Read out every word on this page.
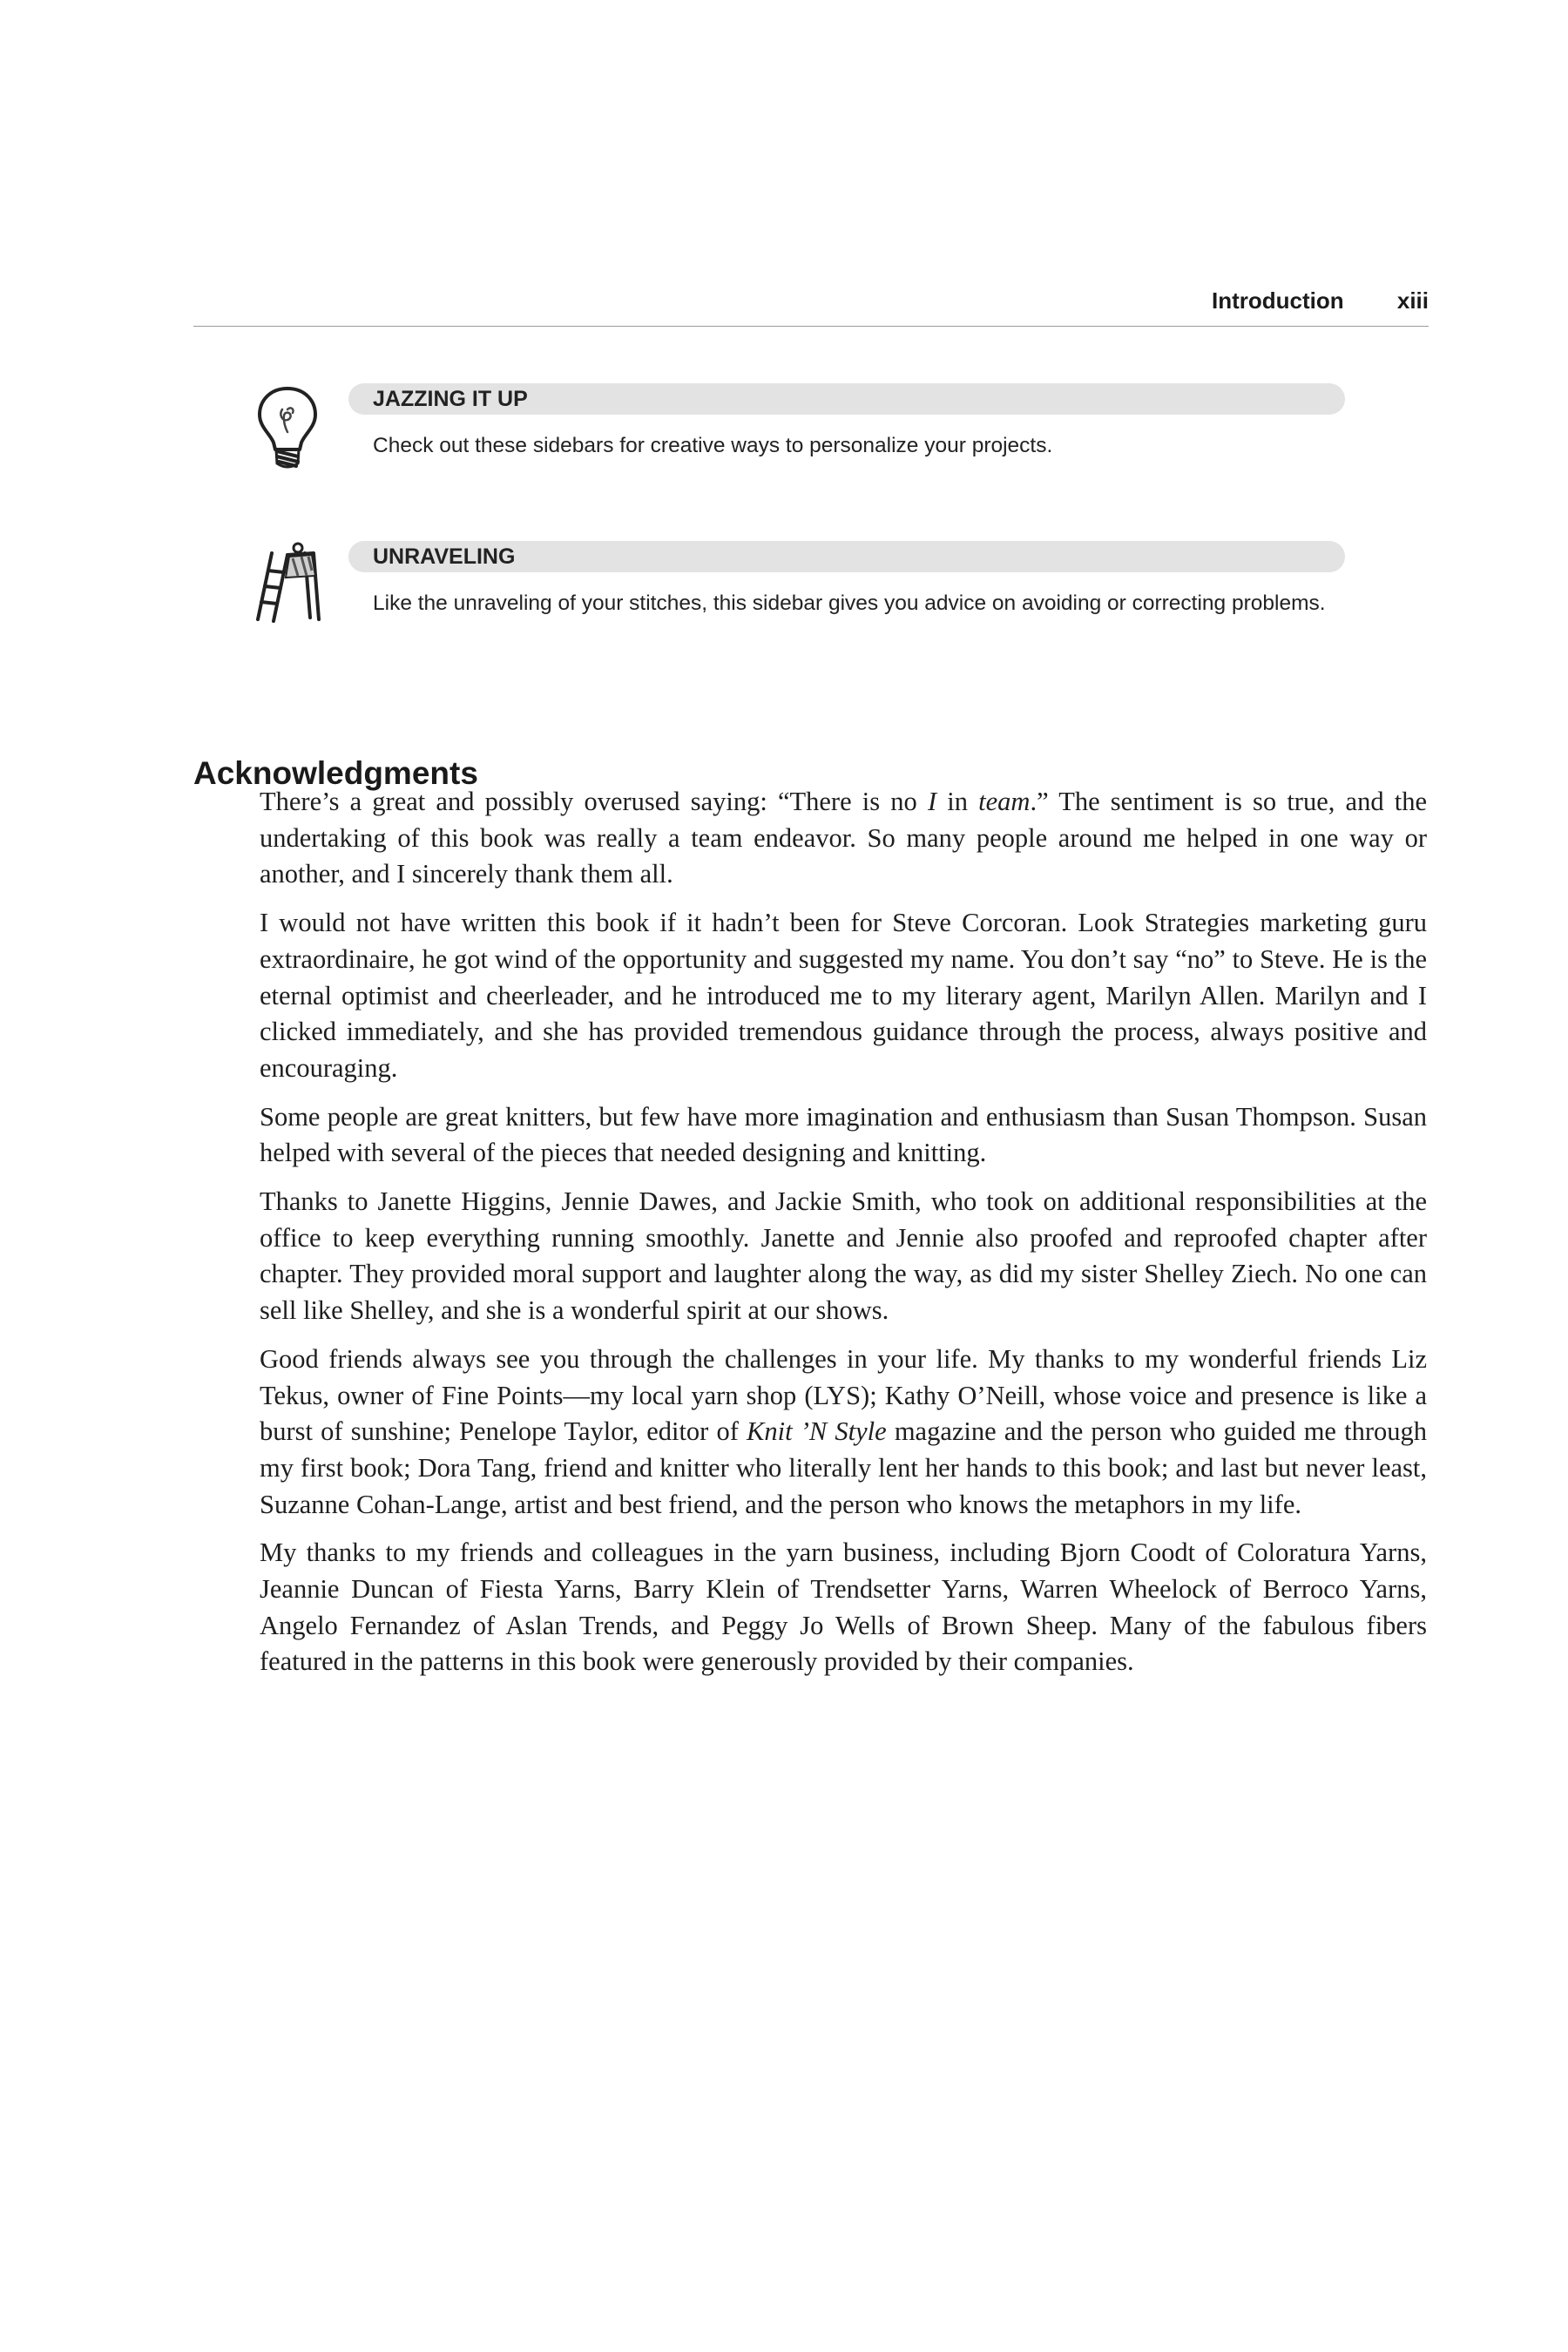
Introduction xiii
JAZZING IT UP
Check out these sidebars for creative ways to personalize your projects.
UNRAVELING
Like the unraveling of your stitches, this sidebar gives you advice on avoiding or correcting problems.
Acknowledgments

There’s a great and possibly overused saying: “There is no I in team.” The sentiment is so true, and the undertaking of this book was really a team endeavor. So many people around me helped in one way or another, and I sincerely thank them all.

I would not have written this book if it hadn’t been for Steve Corcoran. Look Strategies marketing guru extraordinaire, he got wind of the opportunity and suggested my name. You don’t say “no” to Steve. He is the eternal optimist and cheerleader, and he introduced me to my literary agent, Marilyn Allen. Marilyn and I clicked immediately, and she has provided tremendous guidance through the process, always positive and encouraging.

Some people are great knitters, but few have more imagination and enthusiasm than Susan Thompson. Susan helped with several of the pieces that needed designing and knitting.

Thanks to Janette Higgins, Jennie Dawes, and Jackie Smith, who took on additional responsibilities at the office to keep everything running smoothly. Janette and Jennie also proofed and reproofed chapter after chapter. They provided moral support and laughter along the way, as did my sister Shelley Ziech. No one can sell like Shelley, and she is a wonderful spirit at our shows.

Good friends always see you through the challenges in your life. My thanks to my wonderful friends Liz Tekus, owner of Fine Points—my local yarn shop (LYS); Kathy O’Neill, whose voice and presence is like a burst of sunshine; Penelope Taylor, editor of Knit ’N Style magazine and the person who guided me through my first book; Dora Tang, friend and knitter who literally lent her hands to this book; and last but never least, Suzanne Cohan-Lange, artist and best friend, and the person who knows the metaphors in my life.

My thanks to my friends and colleagues in the yarn business, including Bjorn Coodt of Coloratura Yarns, Jeannie Duncan of Fiesta Yarns, Barry Klein of Trendsetter Yarns, Warren Wheelock of Berroco Yarns, Angelo Fernandez of Aslan Trends, and Peggy Jo Wells of Brown Sheep. Many of the fabulous fibers featured in the patterns in this book were generously provided by their companies.
